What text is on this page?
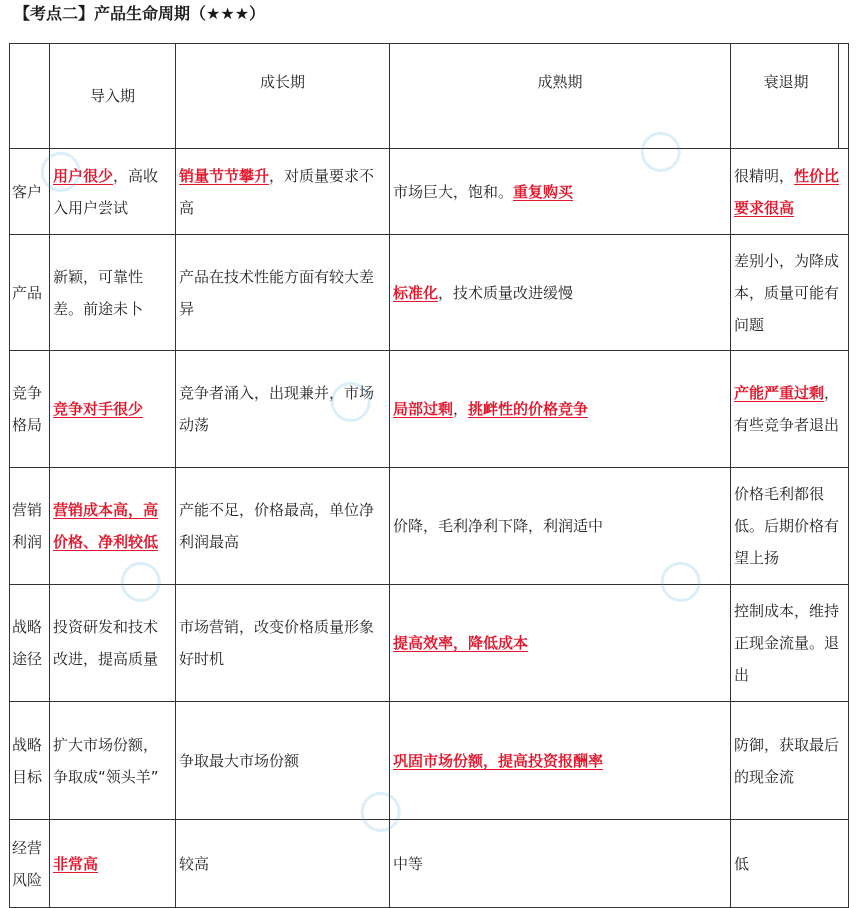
【考点二】产品生命周期（★★★）
	导入期	成长期	成熟期	衰退期

客户	用户很少，高收入用户尝试	销量节节攀升，对质量要求不高	市场巨大，饱和。重复购买	很精明，性价比要求很高
产品	新颖，可靠性差。前途未卜	产品在技术性能方面有较大差异	标准化，技术质量改进缓慢	差别小，为降成本，质量可能有问题
竞争格局	竞争对手很少	竞争者涌入，出现兼并，市场动荡	局部过剩，挑衅性的价格竞争	产能严重过剩，有些竞争者退出
营销利润	营销成本高，高价格、净利较低	产能不足，价格最高，单位净利润最高	价降，毛利净利下降，利润适中	价格毛利都很低。后期价格有望上扬
战略途径	投资研发和技术改进，提高质量	市场营销，改变价格质量形象好时机	提高效率，降低成本	控制成本，维持正现金流量。退出
战略目标	扩大市场份额，争取成“领头羊”	争取最大市场份额	巩固市场份额，提高投资报酬率	防御，获取最后的现金流
经营风险	非常高	较高	中等	低
